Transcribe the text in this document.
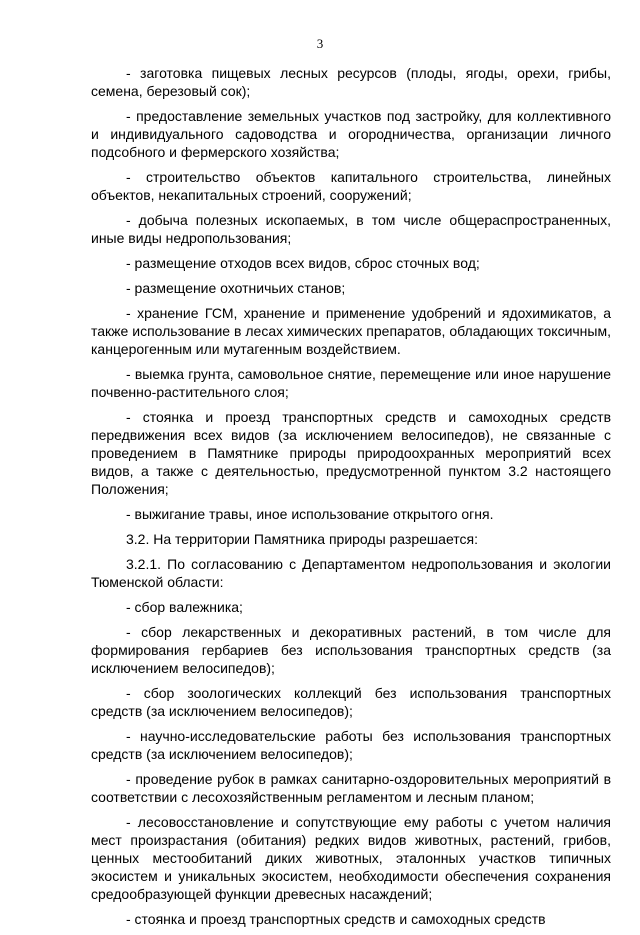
3

- заготовка пищевых лесных ресурсов (плоды, ягоды, орехи, грибы, семена, березовый сок);

- предоставление земельных участков под застройку, для коллективного и индивидуального садоводства и огородничества, организации личного подсобного и фермерского хозяйства;

- строительство объектов капитального строительства, линейных объектов, некапитальных строений, сооружений;

- добыча полезных ископаемых, в том числе общераспространенных, иные виды недропользования;

- размещение отходов всех видов, сброс сточных вод;

- размещение охотничьих станов;

- хранение ГСМ, хранение и применение удобрений и ядохимикатов, а также использование в лесах химических препаратов, обладающих токсичным, канцерогенным или мутагенным воздействием.

- выемка грунта, самовольное снятие, перемещение или иное нарушение почвенно-растительного слоя;

- стоянка и проезд транспортных средств и самоходных средств передвижения всех видов (за исключением велосипедов), не связанные с проведением в Памятнике природы природоохранных мероприятий всех видов, а также с деятельностью, предусмотренной пунктом 3.2 настоящего Положения;

- выжигание травы, иное использование открытого огня.

3.2. На территории Памятника природы разрешается:

3.2.1. По согласованию с Департаментом недропользования и экологии Тюменской области:

- сбор валежника;

- сбор лекарственных и декоративных растений, в том числе для формирования гербариев без использования транспортных средств (за исключением велосипедов);

- сбор зоологических коллекций без использования транспортных средств (за исключением велосипедов);

- научно-исследовательские работы без использования транспортных средств (за исключением велосипедов);

- проведение рубок в рамках санитарно-оздоровительных мероприятий в соответствии с лесохозяйственным регламентом и лесным планом;

- лесовосстановление и сопутствующие ему работы с учетом наличия мест произрастания (обитания) редких видов животных, растений, грибов, ценных местообитаний диких животных, эталонных участков типичных экосистем и уникальных экосистем, необходимости обеспечения сохранения средообразующей функции древесных насаждений;

- стоянка и проезд транспортных средств и самоходных средств
